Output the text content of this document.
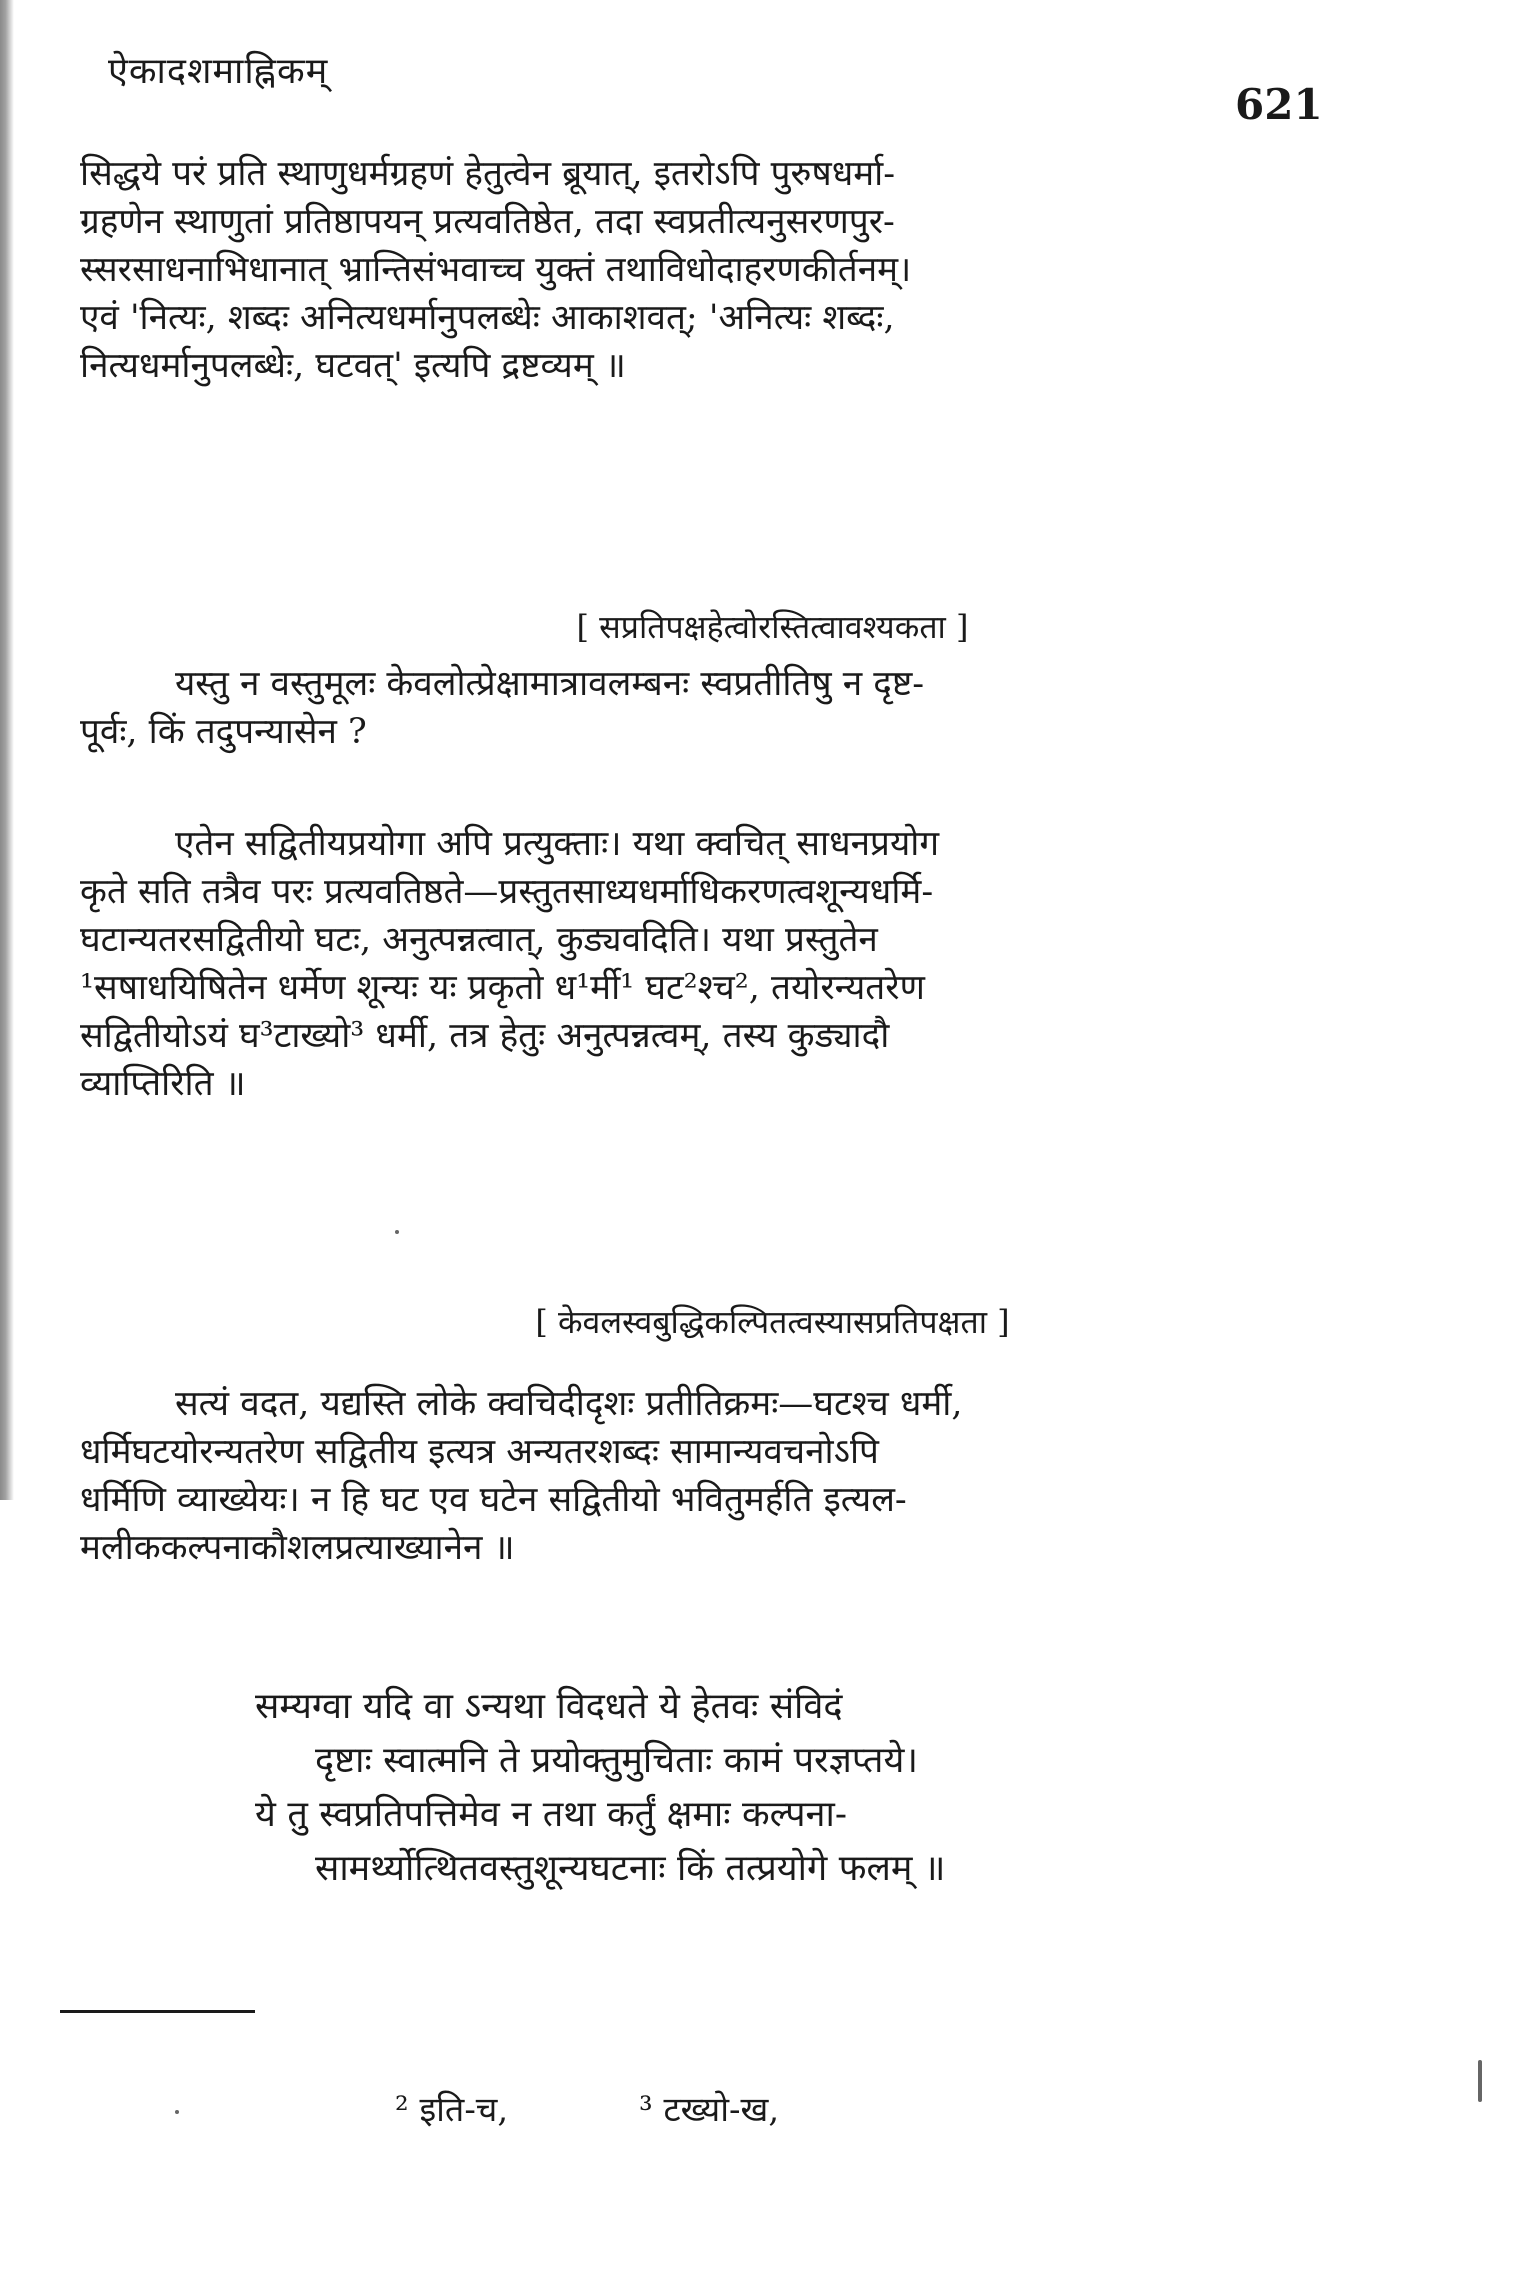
ऐकादशमाह्निकम्
621
सिद्धये परं प्रति स्थाणुधर्मग्रहणं हेतुत्वेन ब्रूयात्, इतरोऽपि पुरुषधर्मा-
ग्रहणेन स्थाणुतां प्रतिष्ठापयन् प्रत्यवतिष्ठेत, तदा स्वप्रतीत्यनुसरणपुर-
स्सरसाधनाभिधानात् भ्रान्तिसंभवाच्च युक्तं तथाविधोदाहरणकीर्तनम्।
एवं 'नित्यः, शब्दः अनित्यधर्मानुपलब्धेः आकाशवत्; 'अनित्यः शब्दः,
नित्यधर्मानुपलब्धेः, घटवत्' इत्यपि द्रष्टव्यम् ॥
[ सप्रतिपक्षहेत्वोरस्तित्वावश्यकता ]
यस्तु न वस्तुमूलः केवलोत्प्रेक्षामात्रावलम्बनः स्वप्रतीतिषु न दृष्ट-
पूर्वः, किं तदुपन्यासेन ?
एतेन सद्वितीयप्रयोगा अपि प्रत्युक्ताः। यथा क्वचित् साधनप्रयोग
कृते सति तत्रैव परः प्रत्यवतिष्ठते—प्रस्तुतसाध्यधर्माधिकरणत्वशून्यधर्मि-
घटान्यतरसद्वितीयो घटः, अनुत्पन्नत्वात्, कुड्यवदिति। यथा प्रस्तुतेन
¹सषाधयिषितेन धर्मेण शून्यः यः प्रकृतो ध¹र्मी¹ घट²श्च², तयोरन्यतरेण
सद्वितीयोऽयं घ³टाख्यो³ धर्मी, तत्र हेतुः अनुत्पन्नत्वम्, तस्य कुड्यादौ
व्याप्तिरिति ॥
[ केवलस्वबुद्धिकल्पितत्वस्यासप्रतिपक्षता ]
सत्यं वदत, यद्यस्ति लोके क्वचिदीदृशः प्रतीतिक्रमः—घटश्च धर्मी,
धर्मिघटयोरन्यतरेण सद्वितीय इत्यत्र अन्यतरशब्दः सामान्यवचनोऽपि
धर्मिणि व्याख्येयः। न हि घट एव घटेन सद्वितीयो भवितुमर्हति इत्यल-
मलीककल्पनाकौशलप्रत्याख्यानेन ॥
सम्यग्वा यदि वा ऽन्यथा विदधते ये हेतवः संविदं
दृष्टाः स्वात्मनि ते प्रयोक्तुमुचिताः कामं परज्ञप्तये।
ये तु स्वप्रतिपत्तिमेव न तथा कर्तुं क्षमाः कल्पना-
सामर्थ्योत्थितवस्तुशून्यघटनाः किं तत्प्रयोगे फलम् ॥
² इति-च,	³ टख्यो-ख,
